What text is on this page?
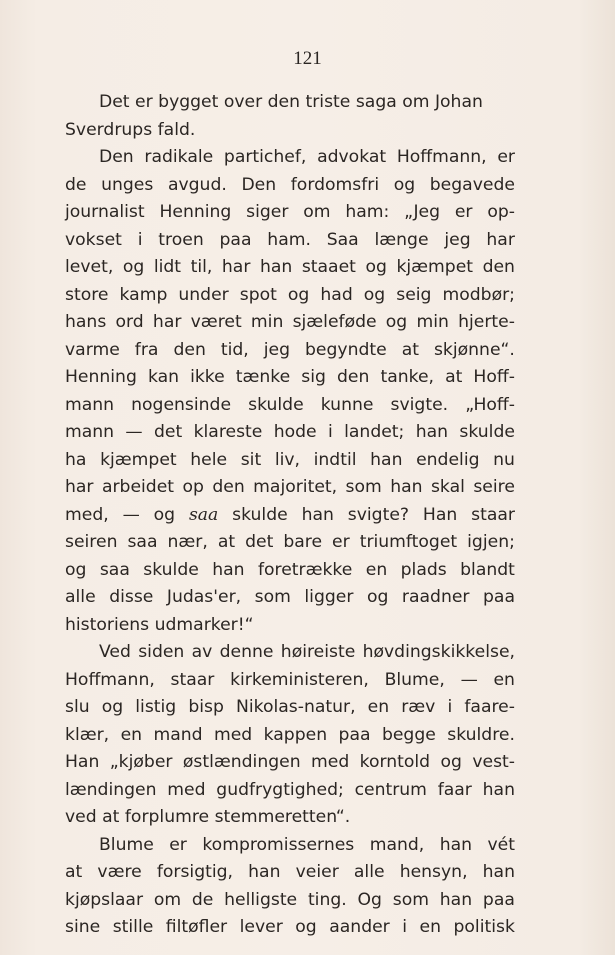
121
Det
er
bygget
over
den
triste
saga
om
Johan
Sverdrups
fald.
Den radikale partichef, advokat Hoffmann, er
de unges avgud. Den fordomsfri og begavede
journalist Henning siger om ham: „Jeg er op-
vokset i troen paa ham. Saa længe jeg har
levet, og lidt til, har han staaet og kjæmpet den
store kamp under spot og had og seig modbør;
hans ord har været min sjæleføde og min hjerte-
varme fra den tid, jeg begyndte at skjønne“.
Henning kan ikke tænke sig den tanke, at Hoff-
mann nogensinde skulde kunne svigte. „Hoff-
mann — det klareste hode i landet; han skulde
ha kjæmpet hele sit liv, indtil han endelig nu
har arbeidet op den majoritet, som han skal seire
med, — og saa skulde han svigte? Han staar
seiren saa nær, at det bare er triumftoget igjen;
og saa skulde han foretrække en plads blandt
alle disse Judas'er, som ligger og raadner paa
historiens
udmarker!“
Ved siden av denne høireiste høvdingskikkelse,
Hoffmann, staar kirkeministeren, Blume, — en
slu og listig bisp Nikolas-natur, en ræv i faare-
klær, en mand med kappen paa begge skuldre.
Han „kjøber østlændingen med korntold og vest-
lændingen med gudfrygtighed; centrum faar han
ved
at
forplumre
stemmeretten“.
Blume er kompromissernes mand, han vét
at være forsigtig, han veier alle hensyn, han
kjøpslaar om de helligste ting. Og som han paa
sine stille filtøfler lever og aander i en politisk
